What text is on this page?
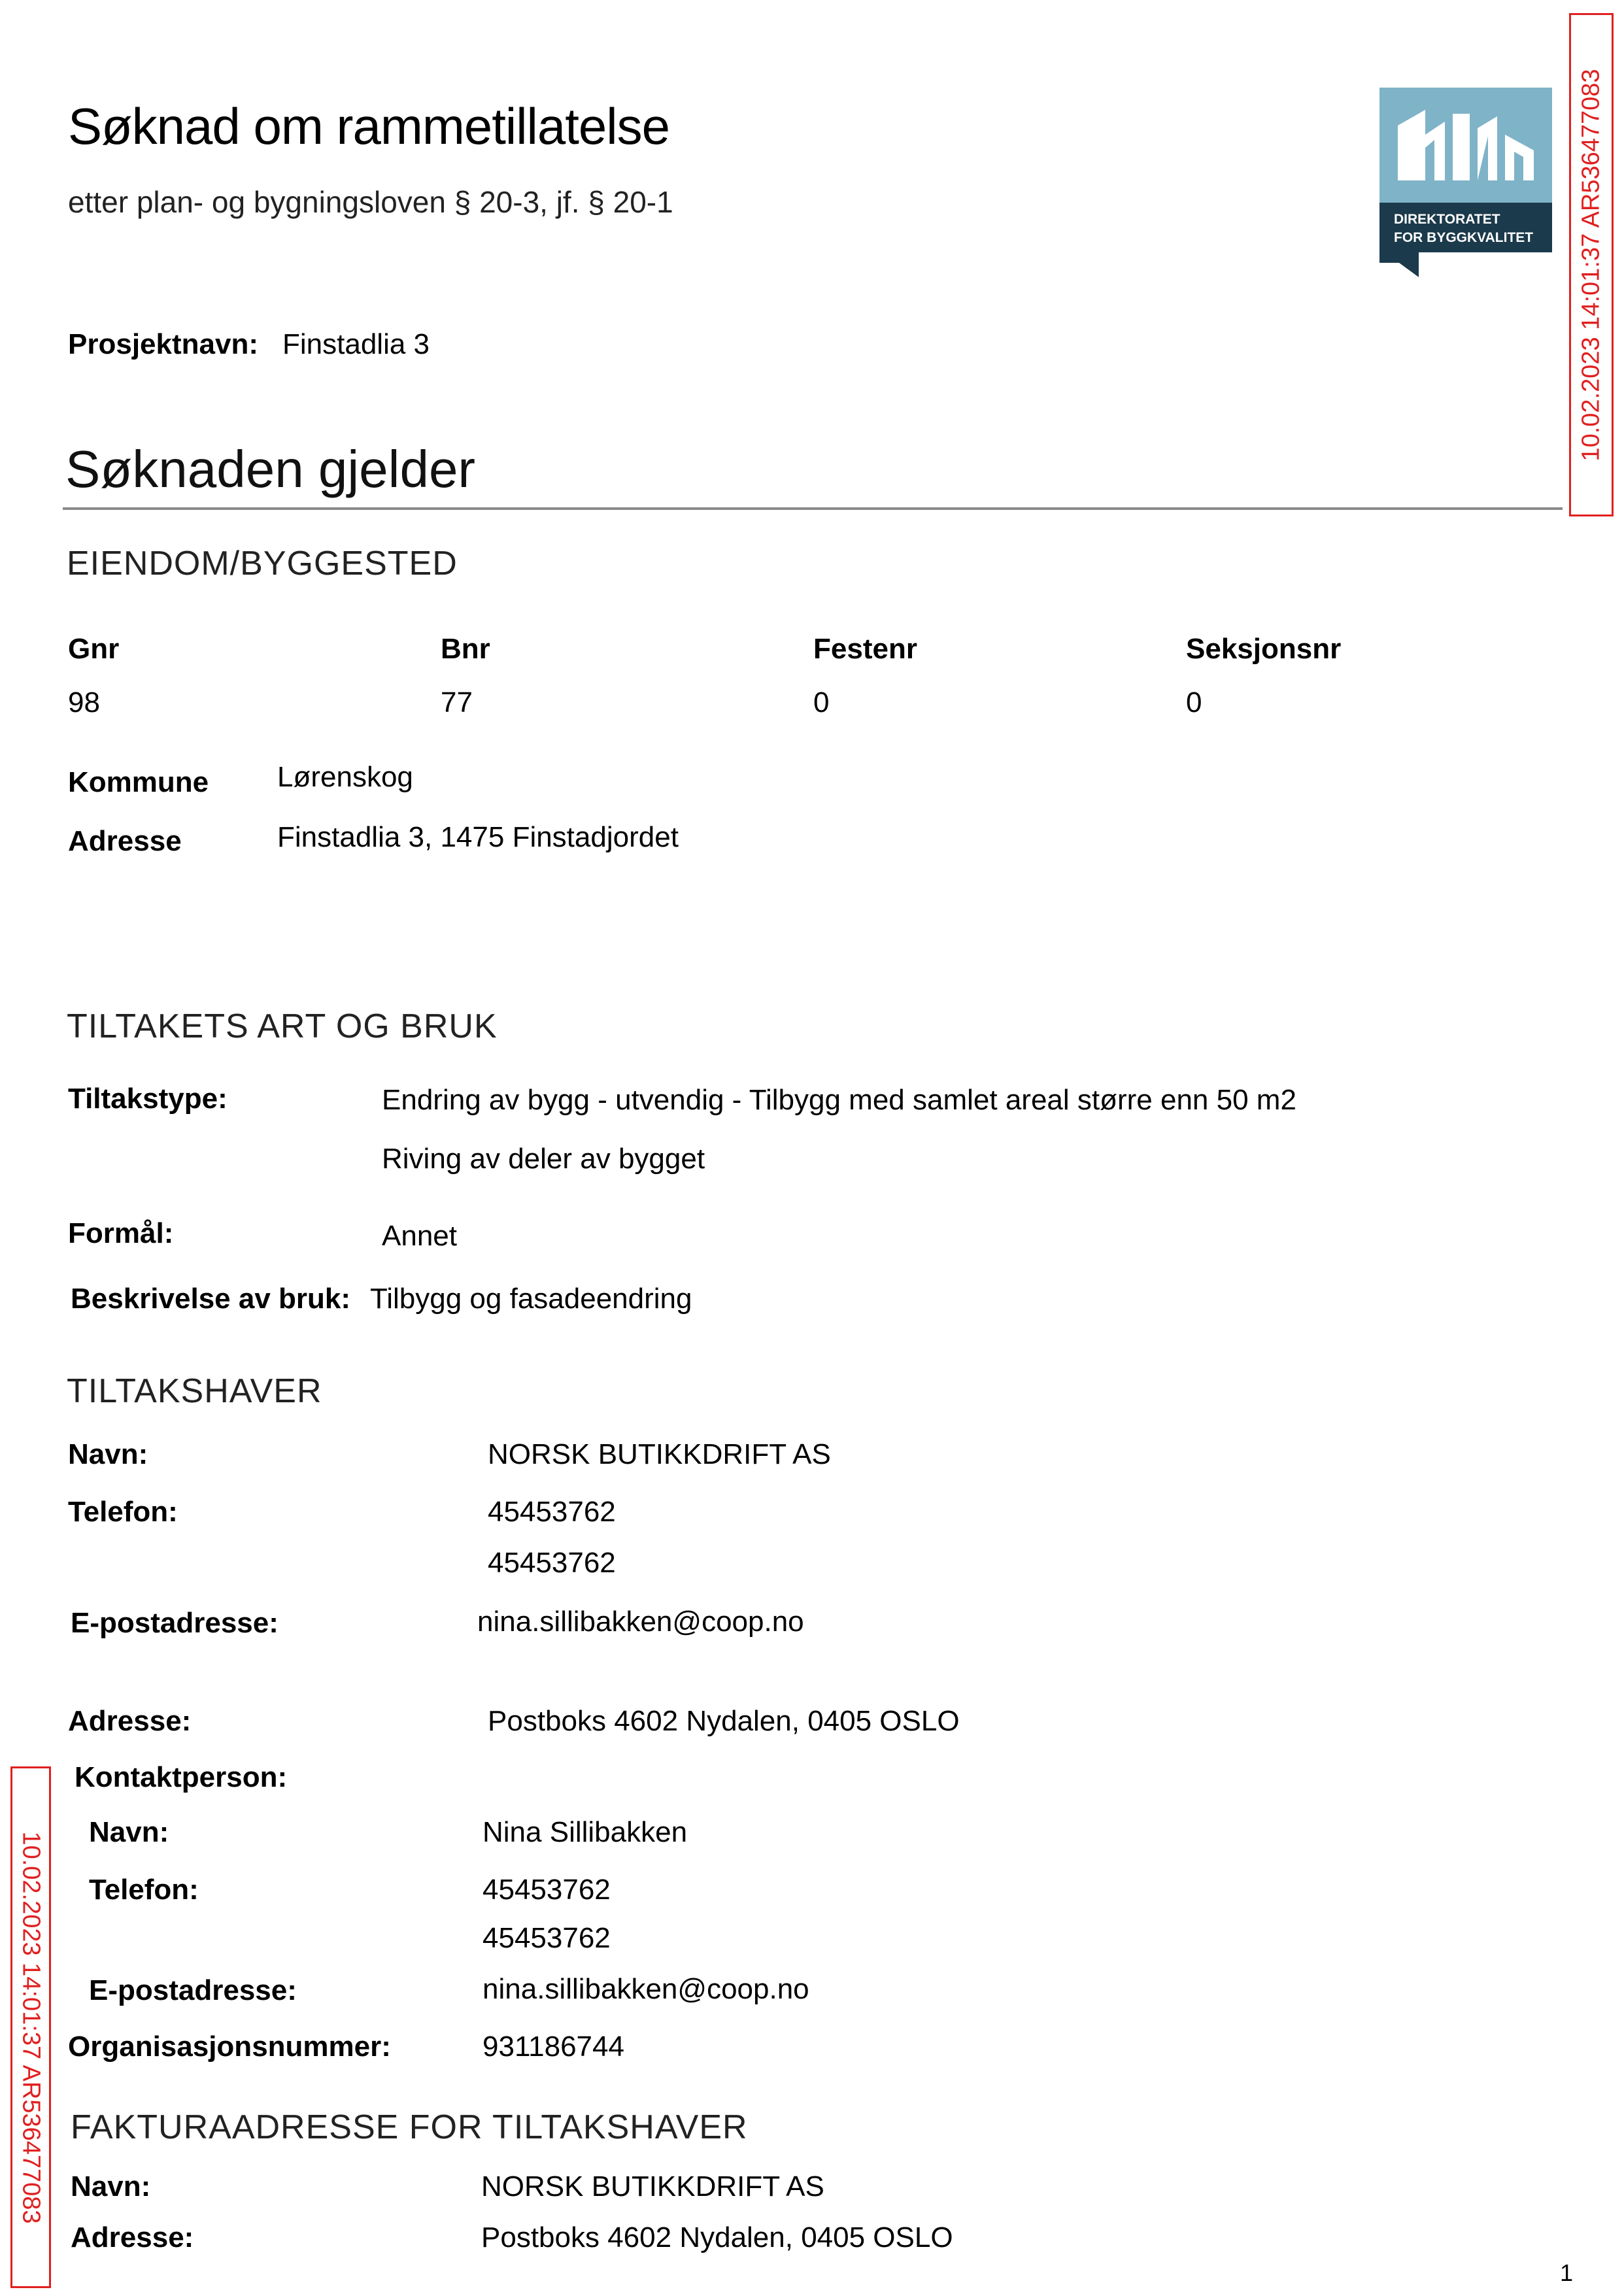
Søknad om rammetillatelse
etter plan- og bygningsloven § 20-3, jf. § 20-1
DIREKTORATET
FOR BYGGKVALITET 10.02.2023 14:01:37 AR536477083
10.02.2023 14:01:37 AR536477083
Prosjektnavn: Finstadlia 3
Søknaden gjelder
EIENDOM/BYGGESTED
Gnr	Bnr	Festenr	Seksjonsnr
98	77	0	0
Kommune Lørenskog
Adresse	Finstadlia 3, 1475 Finstadjordet
TILTAKETS ART OG BRUK
Tiltakstype:	Endring av bygg - utvendig - Tilbygg med samlet areal større enn 50 m2
Riving av deler av bygget
Formål:	Annet
Beskrivelse av bruk: Tilbygg og fasadeendring
TILTAKSHAVER
Navn:	NORSK BUTIKKDRIFT AS
Telefon:	45453762
45453762
E-postadresse:	nina.sillibakken@coop.no
Adresse:	Postboks 4602 Nydalen, 0405 OSLO
Kontaktperson:
Navn:	Nina Sillibakken
Telefon:	45453762
45453762
E-postadresse:	nina.sillibakken@coop.no
Organisasjonsnummer:	931186744
FAKTURAADRESSE FOR TILTAKSHAVER
Navn:	NORSK BUTIKKDRIFT AS
Adresse:	Postboks 4602 Nydalen, 0405 OSLO
1
